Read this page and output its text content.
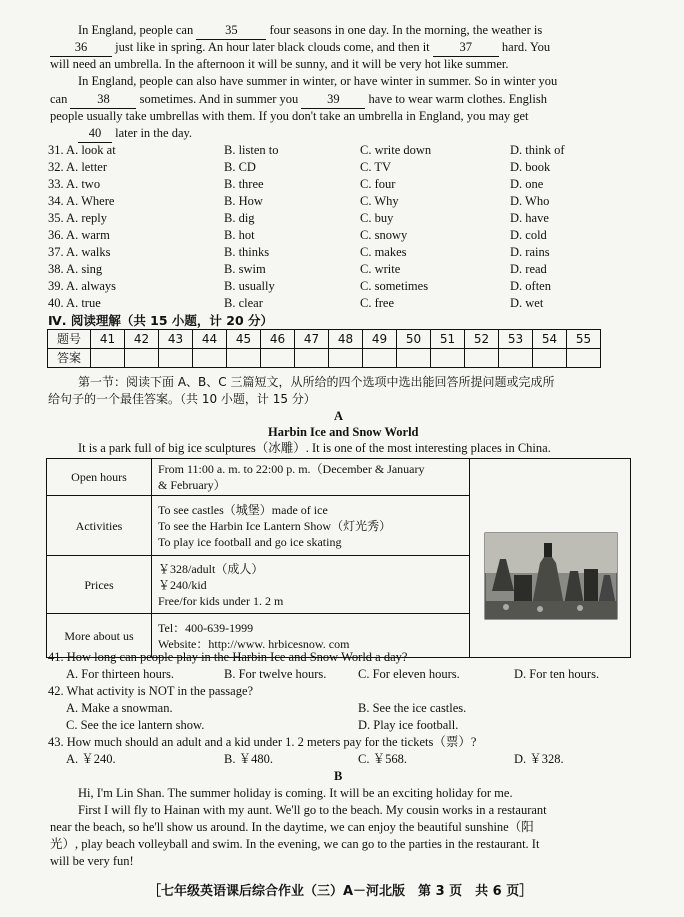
In England, people can	35	four seasons in one day. In the morning, the weather is
36 just like in spring. An hour later black clouds come, and then it 37 hard. You
will need an umbrella. In the afternoon it will be sunny, and it will be very hot like summer.
In England, people can also have summer in winter, or have winter in summer. So in winter you
can 38 sometimes. And in summer you 39 have to wear warm clothes. English
people usually take umbrellas with them. If you don't take an umbrella in England, you may get
40 later in the day.
31. A. look at	B. listen to	C. write down	D. think of
32. A. letter	B. CD	C. TV	D. book
33. A. two	B. three	C. four	D. one
34. A. Where	B. How	C. Why	D. Who
35. A. reply	B. dig	C. buy	D. have
36. A. warm	B. hot	C. snowy	D. cold
37. A. walks	B. thinks	C. makes	D. rains
38. A. sing	B. swim	C. write	D. read
39. A. always	B. usually	C. sometimes	D. often
40. A. true	B. clear	C. free	D. wet
Ⅳ. 阅读理解（共 15 小题，计 20 分）
题号	41	42	43	44	45	46	47	48	49	50	51	52	53	54	55
答案															
第一节：阅读下面 A、B、C 三篇短文，从所给的四个选项中选出能回答所提问题或完成所
给句子的一个最佳答案。（共 10 小题，计 15 分）
A
Harbin Ice and Snow World
It is a park full of big ice sculptures（冰雕）. It is one of the most interesting places in China.
Open hours	From 11:00 a. m. to 22:00 p. m.（December & January
& February）

Activities	To see castles（城堡）made of ice
To see the Harbin Ice Lantern Show（灯光秀）
To play ice football and go ice skating	

Prices	￥328/adult（成人）
￥240/kid
Free/for kids under 1. 2 m	

More about us	Tel：400-639-1999
Website：http://www. hrbicesnow. com	
41. How long can people play in the Harbin Ice and Snow World a day?
A. For thirteen hours.	B. For twelve hours.	C. For eleven hours.	D. For ten hours.
42. What activity is NOT in the passage?
A. Make a snowman.	B. See the ice castles.
C. See the ice lantern show.	D. Play ice football.
43. How much should an adult and a kid under 1. 2 meters pay for the tickets（票）?
A. ￥240.	B. ￥480.	C. ￥568.	D. ￥328.
B
Hi, I'm Lin Shan. The summer holiday is coming. It will be an exciting holiday for me.
First I will fly to Hainan with my aunt. We'll go to the beach. My cousin works in a restaurant
near the beach, so he'll show us around. In the daytime, we can enjoy the beautiful sunshine（阳
光）, play beach volleyball and swim. In the evening, we can go to the parties in the restaurant. It
will be very fun!
［七年级英语课后综合作业（三）A－河北版　第 3 页　共 6 页］
